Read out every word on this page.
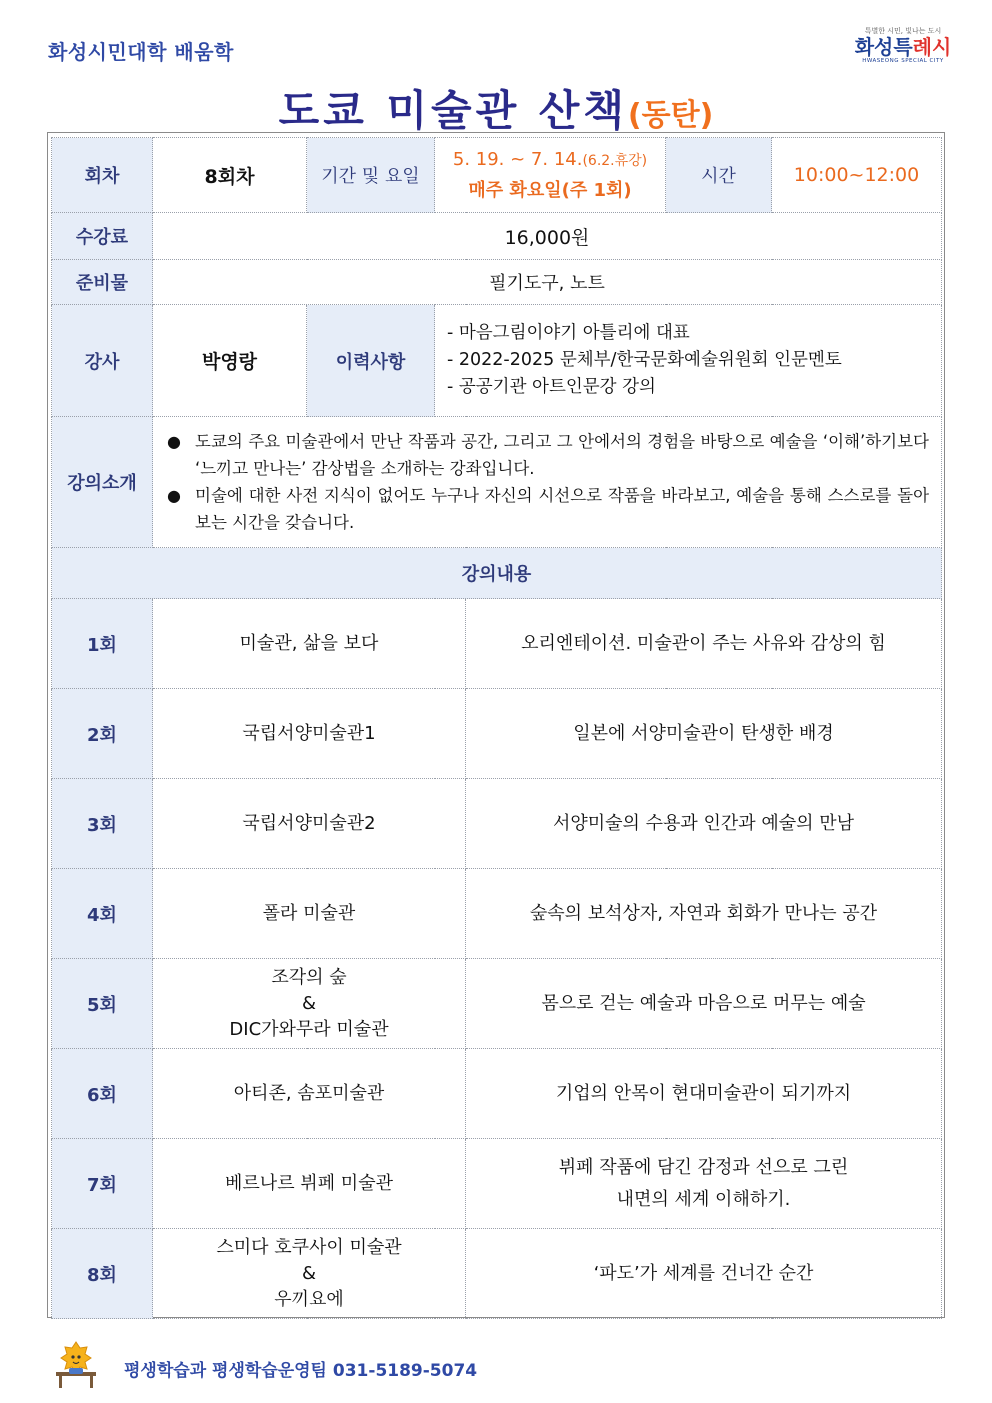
화성시민대학 배움학
특별한 시민, 빛나는 도시
화성특례시
HWASEONG SPECIAL CITY
도쿄 미술관 산책(동탄)
회차	8회차	기간 및 요일	5. 19. ~ 7. 14.(6.2.휴강)
매주 화요일(주 1회)		시간	10:00~12:00
수강료	16,000원					
준비물	필기도구, 노트					
강사	박영랑	이력사항	- 마음그림이야기 아틀리에 대표
- 2022-2025 문체부/한국문화예술위원회 인문멘토
- 공공기관 아트인문강 강의			

강의소개	● 도쿄의 주요 미술관에서 만난 작품과 공간, 그리고 그 안에서의 경험을 바탕으로 예술을 ‘이해’하기보다 ‘느끼고 만나는’ 감상법을 소개하는 강좌입니다.
● 미술에 대한 사전 지식이 없어도 누구나 자신의 시선으로 작품을 바라보고, 예술을 통해 스스로를 돌아보는 시간을 갖습니다.					

강의내용						
1회	미술관, 삶을 보다			오리엔테이션. 미술관이 주는 사유와 감상의 힘		

2회	국립서양미술관1			일본에 서양미술관이 탄생한 배경		

3회	국립서양미술관2			서양미술의 수용과 인간과 예술의 만남		

4회	폴라 미술관			숲속의 보석상자, 자연과 회화가 만나는 공간		

5회	조각의 숲
&
DIC가와무라 미술관			몸으로 걷는 예술과 마음으로 머무는 예술		

6회	아티존, 솜포미술관			기업의 안목이 현대미술관이 되기까지		

7회	베르나르 뷔페 미술관			뷔페 작품에 담긴 감정과 선으로 그린
내면의 세계 이해하기.		

8회	스미다 호쿠사이 미술관
&
우끼요에			‘파도’가 세계를 건너간 순간		
평생학습과 평생학습운영팀 031-5189-5074
